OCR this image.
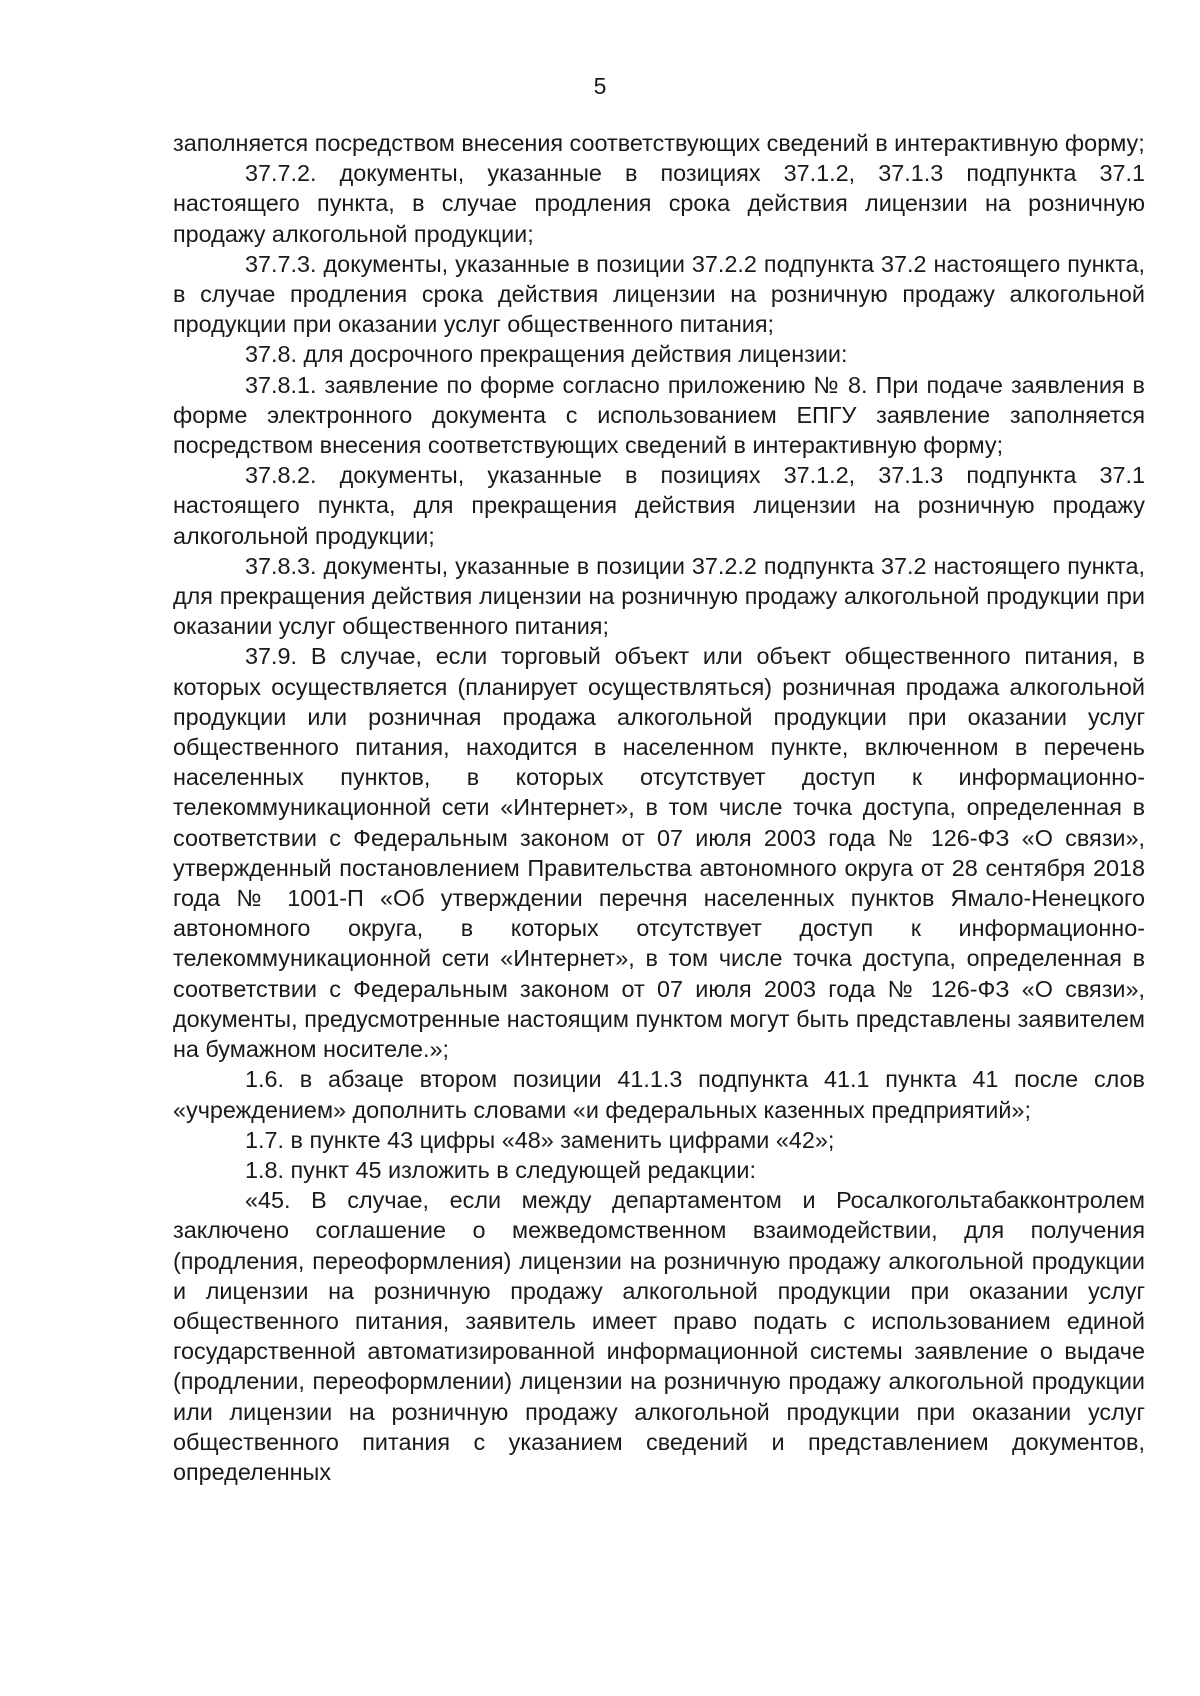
5

заполняется посредством внесения соответствующих сведений в интерактивную форму;

37.7.2. документы, указанные в позициях 37.1.2, 37.1.3 подпункта 37.1 настоящего пункта, в случае продления срока действия лицензии на розничную продажу алкогольной продукции;

37.7.3. документы, указанные в позиции 37.2.2 подпункта 37.2 настоящего пункта, в случае продления срока действия лицензии на розничную продажу алкогольной продукции при оказании услуг общественного питания;

37.8. для досрочного прекращения действия лицензии:

37.8.1. заявление по форме согласно приложению № 8. При подаче заявления в форме электронного документа с использованием ЕПГУ заявление заполняется посредством внесения соответствующих сведений в интерактивную форму;

37.8.2. документы, указанные в позициях 37.1.2, 37.1.3 подпункта 37.1 настоящего пункта, для прекращения действия лицензии на розничную продажу алкогольной продукции;

37.8.3. документы, указанные в позиции 37.2.2 подпункта 37.2 настоящего пункта, для прекращения действия лицензии на розничную продажу алкогольной продукции при оказании услуг общественного питания;

37.9. В случае, если торговый объект или объект общественного питания, в которых осуществляется (планирует осуществляться) розничная продажа алкогольной продукции или розничная продажа алкогольной продукции при оказании услуг общественного питания, находится в населенном пункте, включенном в перечень населенных пунктов, в которых отсутствует доступ к информационно-телекоммуникационной сети «Интернет», в том числе точка доступа, определенная в соответствии с Федеральным законом от 07 июля 2003 года № 126-ФЗ «О связи», утвержденный постановлением Правительства автономного округа от 28 сентября 2018 года № 1001-П «Об утверждении перечня населенных пунктов Ямало-Ненецкого автономного округа, в которых отсутствует доступ к информационно-телекоммуникационной сети «Интернет», в том числе точка доступа, определенная в соответствии с Федеральным законом от 07 июля 2003 года № 126-ФЗ «О связи», документы, предусмотренные настоящим пунктом могут быть представлены заявителем на бумажном носителе.»;

1.6. в абзаце втором позиции 41.1.3 подпункта 41.1 пункта 41 после слов «учреждением» дополнить словами «и федеральных казенных предприятий»;

1.7. в пункте 43 цифры «48» заменить цифрами «42»;

1.8. пункт 45 изложить в следующей редакции:

«45. В случае, если между департаментом и Росалкогольтабакконтролем заключено соглашение о межведомственном взаимодействии, для получения (продления, переоформления) лицензии на розничную продажу алкогольной продукции и лицензии на розничную продажу алкогольной продукции при оказании услуг общественного питания, заявитель имеет право подать с использованием единой государственной автоматизированной информационной системы заявление о выдаче (продлении, переоформлении) лицензии на розничную продажу алкогольной продукции или лицензии на розничную продажу алкогольной продукции при оказании услуг общественного питания с указанием сведений и представлением документов, определенных
